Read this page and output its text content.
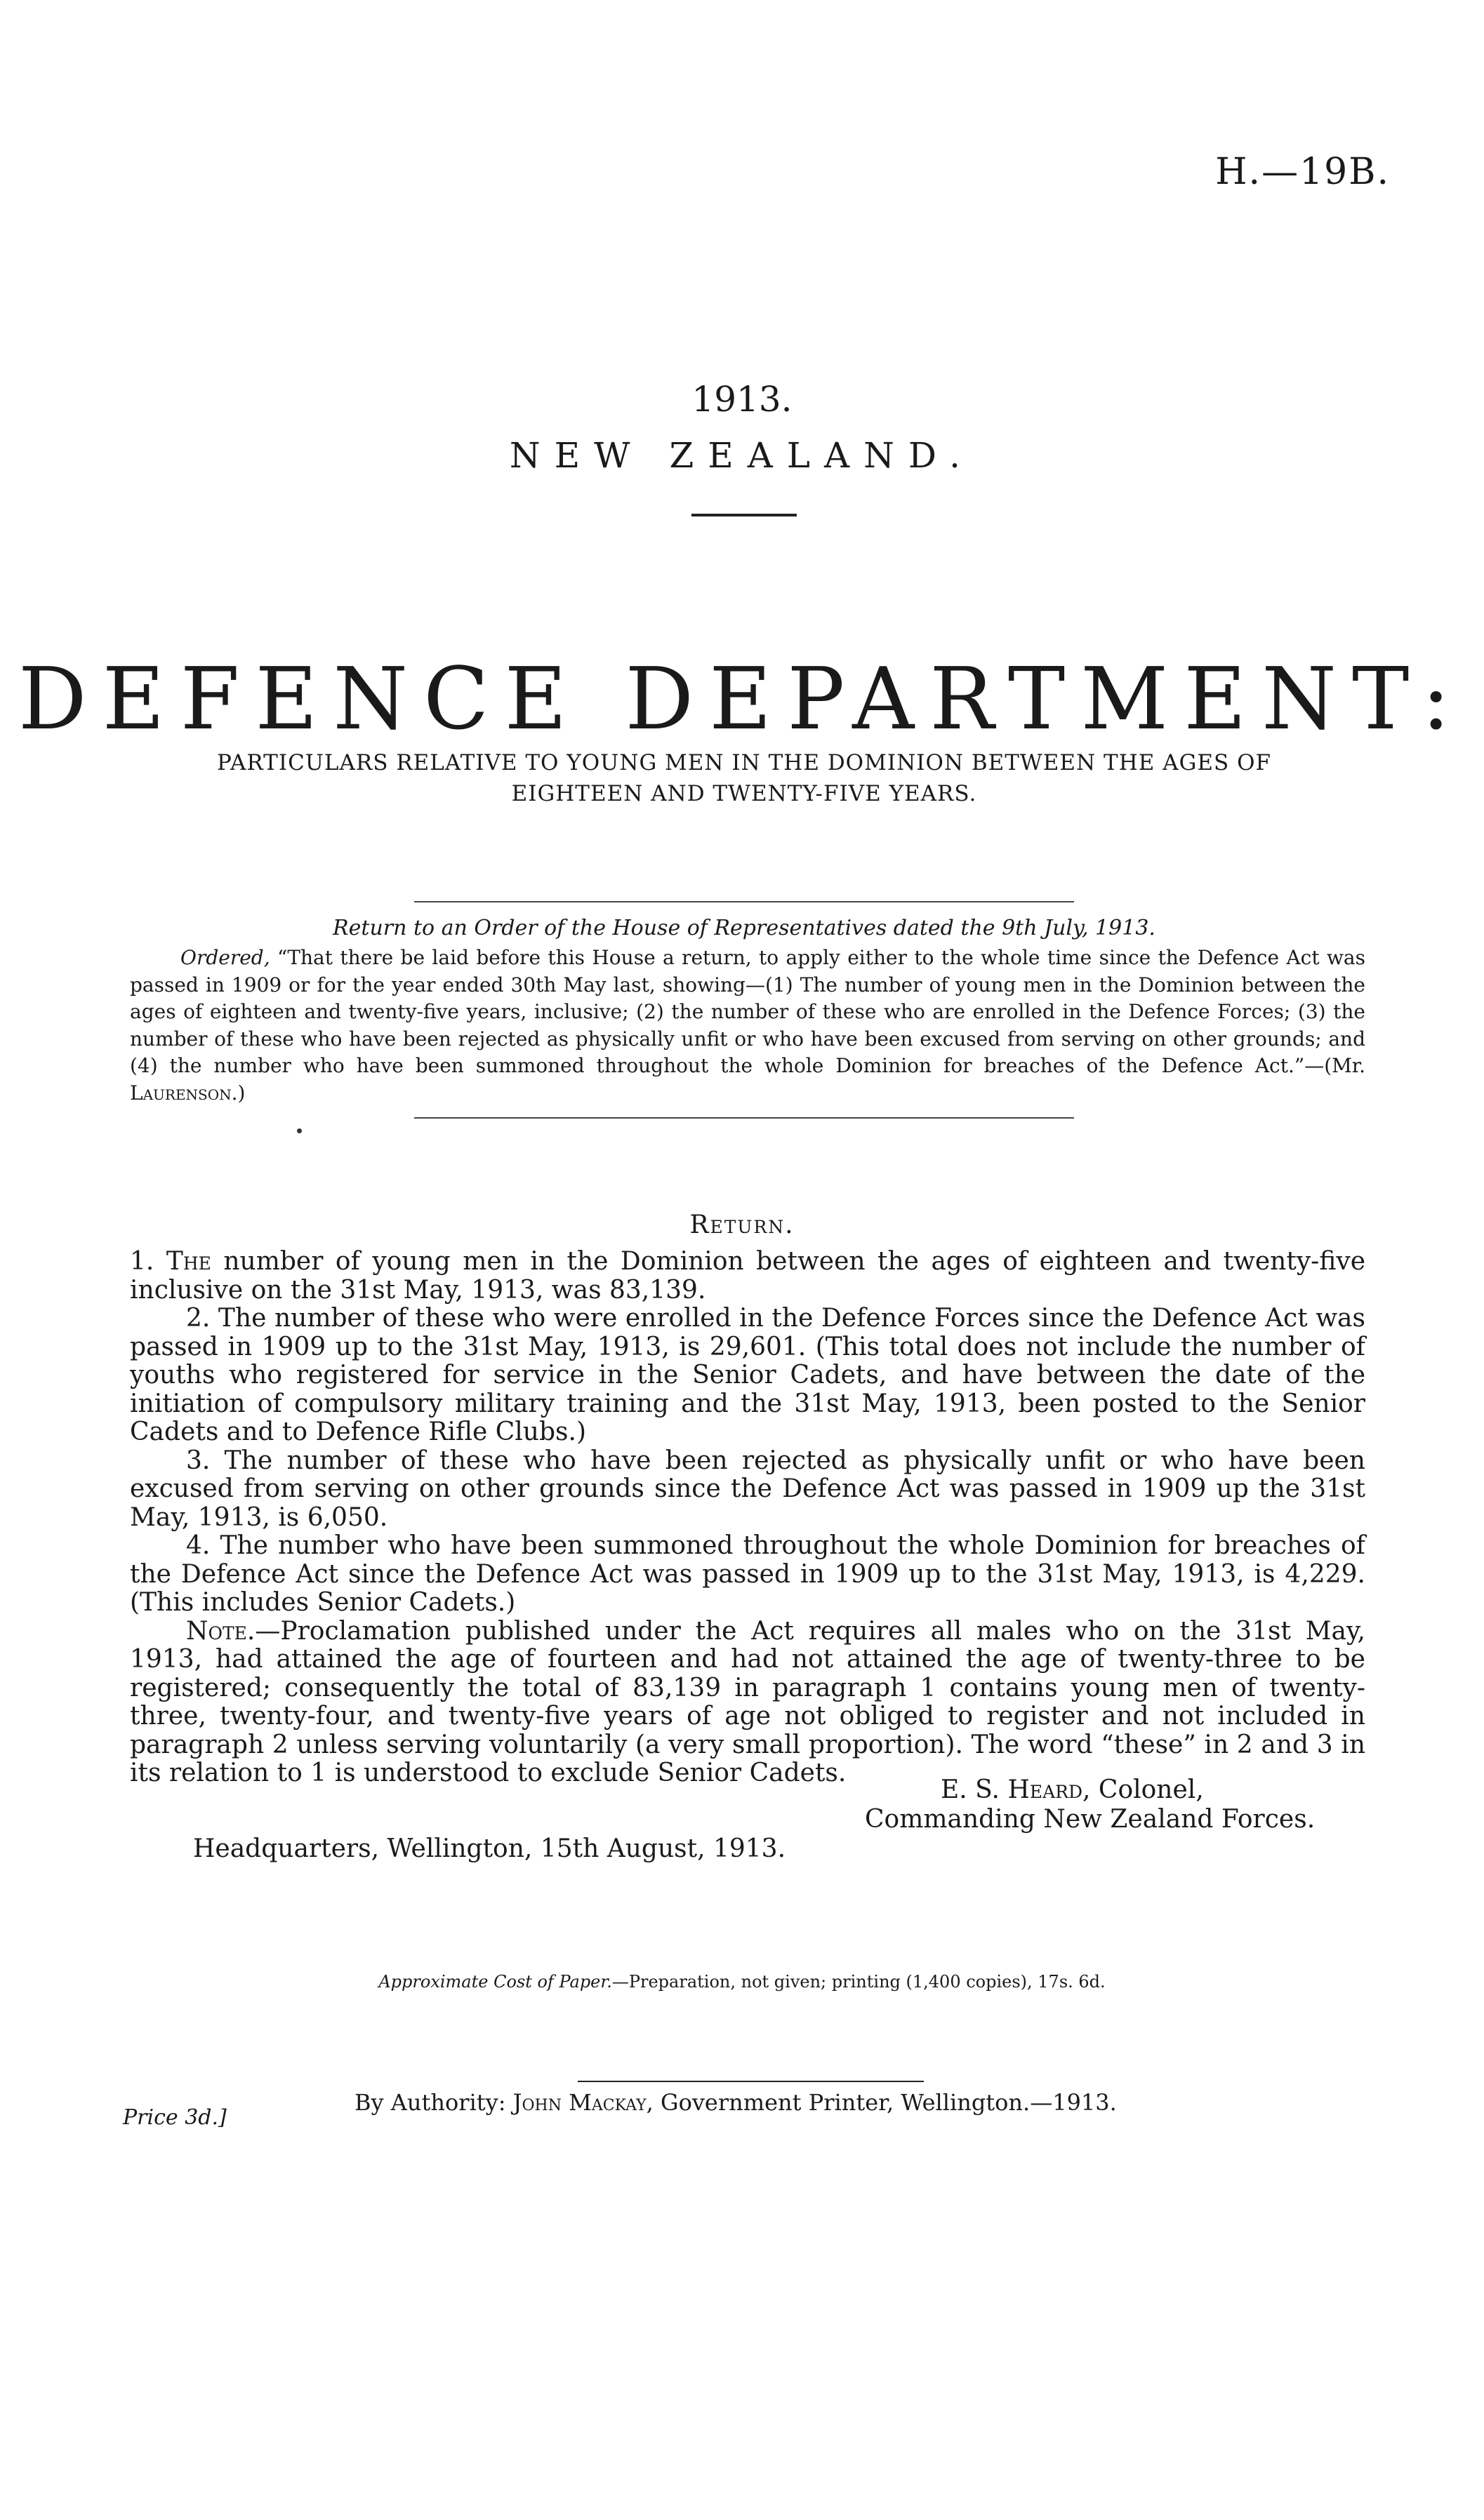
H.—19B.
1913.
NEW ZEALAND.
DEFENCE DEPARTMENT:
PARTICULARS RELATIVE TO YOUNG MEN IN THE DOMINION BETWEEN THE AGES OF EIGHTEEN AND TWENTY-FIVE YEARS.
Return to an Order of the House of Representatives dated the 9th July, 1913.
Ordered, “That there be laid before this House a return, to apply either to the whole time since the Defence Act was passed in 1909 or for the year ended 30th May last, showing—(1) The number of young men in the Dominion between the ages of eighteen and twenty-five years, inclusive; (2) the number of these who are enrolled in the Defence Forces; (3) the number of these who have been rejected as physically unfit or who have been excused from serving on other grounds; and (4) the number who have been summoned throughout the whole Dominion for breaches of the Defence Act.”—(Mr. Laurenson.)
Return.

1. The number of young men in the Dominion between the ages of eighteen and twenty-five inclusive on the 31st May, 1913, was 83,139.

2. The number of these who were enrolled in the Defence Forces since the Defence Act was passed in 1909 up to the 31st May, 1913, is 29,601. (This total does not include the number of youths who registered for service in the Senior Cadets, and have between the date of the initiation of compulsory military training and the 31st May, 1913, been posted to the Senior Cadets and to Defence Rifle Clubs.)

3. The number of these who have been rejected as physically unfit or who have been excused from serving on other grounds since the Defence Act was passed in 1909 up the 31st May, 1913, is 6,050.

4. The number who have been summoned throughout the whole Dominion for breaches of the Defence Act since the Defence Act was passed in 1909 up to the 31st May, 1913, is 4,229. (This includes Senior Cadets.)

Note.—Proclamation published under the Act requires all males who on the 31st May, 1913, had attained the age of fourteen and had not attained the age of twenty-three to be registered; consequently the total of 83,139 in paragraph 1 contains young men of twenty-three, twenty-four, and twenty-five years of age not obliged to register and not included in paragraph 2 unless serving voluntarily (a very small proportion). The word “these” in 2 and 3 in its relation to 1 is understood to exclude Senior Cadets.

E. S. Heard, Colonel,
Commanding New Zealand Forces.
Headquarters, Wellington, 15th August, 1913.
Approximate Cost of Paper.—Preparation, not given; printing (1,400 copies), 17s. 6d.
By Authority: John Mackay, Government Printer, Wellington.—1913.
Price 3d.]
